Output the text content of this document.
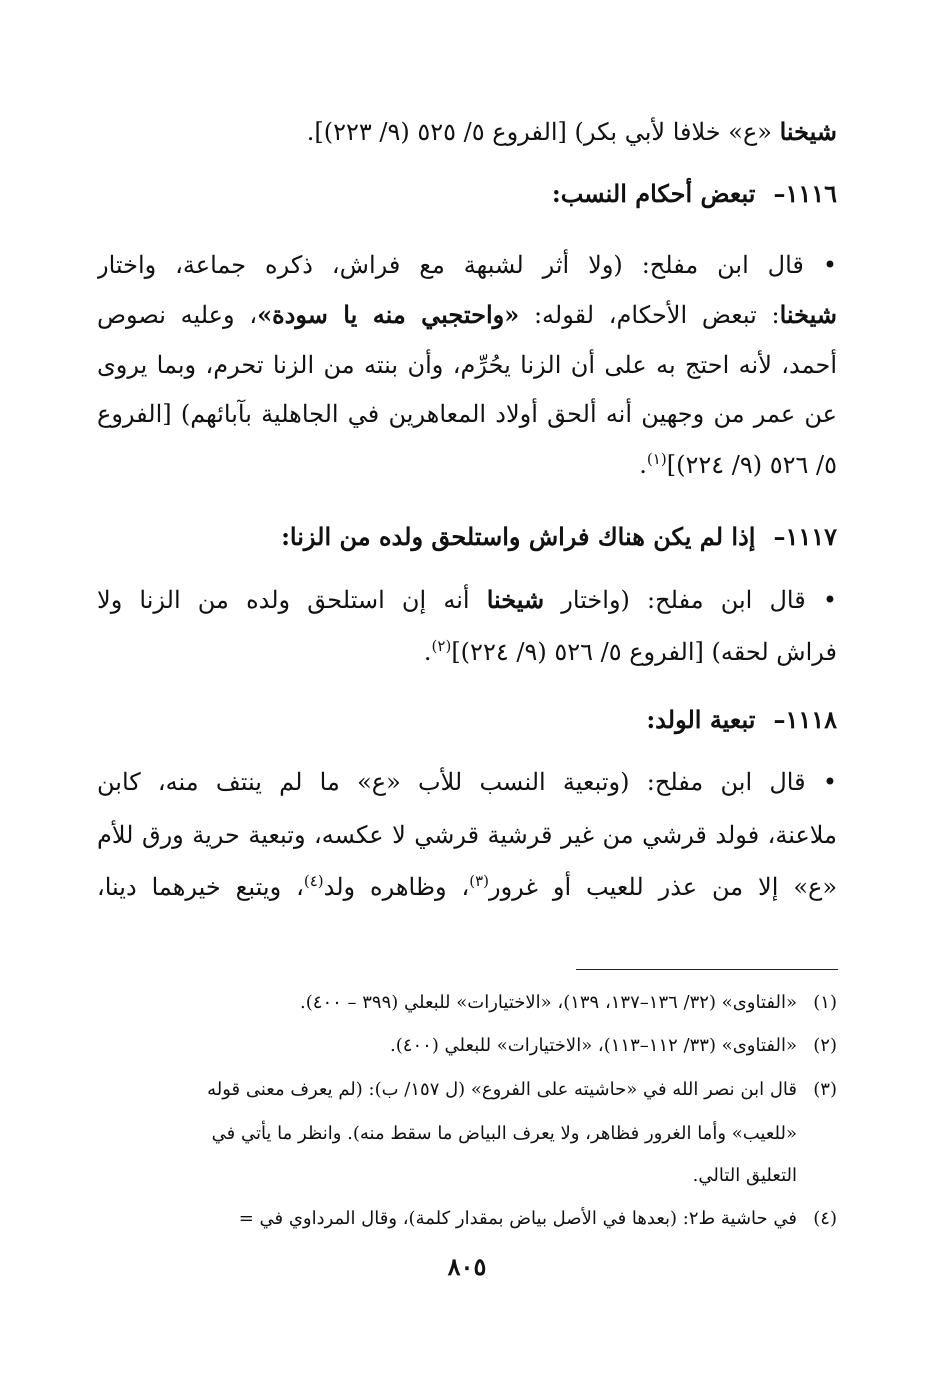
شيخنا «ع» خلافا لأبي بكر) [الفروع ٥/ ٥٢٥ (٩/ ٢٢٣)].
١١١٦–تبعض أحكام النسب:
• قال ابن مفلح: (ولا أثر لشبهة مع فراش، ذكره جماعة، واختار
شيخنا: تبعض الأحكام، لقوله: «واحتجبي منه يا سودة»، وعليه نصوص
أحمد، لأنه احتج به على أن الزنا يحُرِّم، وأن بنته من الزنا تحرم، وبما يروى
عن عمر من وجهين أنه ألحق أولاد المعاهرين في الجاهلية بآبائهم) [الفروع
٥/ ٥٢٦ (٩/ ٢٢٤)]$^{(١)}$.
١١١٧–إذا لم يكن هناك فراش واستلحق ولده من الزنا:
• قال ابن مفلح: (واختار شيخنا أنه إن استلحق ولده من الزنا ولا
فراش لحقه) [الفروع ٥/ ٥٢٦ (٩/ ٢٢٤)]$^{(٢)}$.
١١١٨–تبعية الولد:
• قال ابن مفلح: (وتبعية النسب للأب «ع» ما لم ينتف منه، كابن
ملاعنة، فولد قرشي من غير قرشية قرشي لا عكسه، وتبعية حرية ورق للأم
«ع» إلا من عذر للعيب أو غرور$^{(٣)}$، وظاهره ولد$^{(٤)}$، ويتبع خيرهما دينا،
(١)«الفتاوى» (٣٢/ ١٣٦–١٣٧، ١٣٩)، «الاختيارات» للبعلي (٣٩٩ – ٤٠٠).
(٢)«الفتاوى» (٣٣/ ١١٢–١١٣)، «الاختيارات» للبعلي (٤٠٠).
(٣)قال ابن نصر الله في «حاشيته على الفروع» (ل ١٥٧/ ب): (لم يعرف معنى قوله
«للعيب» وأما الغرور فظاهر، ولا يعرف البياض ما سقط منه). وانظر ما يأتي في
التعليق التالي.
(٤)في حاشية ط٢: (بعدها في الأصل بياض بمقدار كلمة)، وقال المرداوي في =
٨٠٥
